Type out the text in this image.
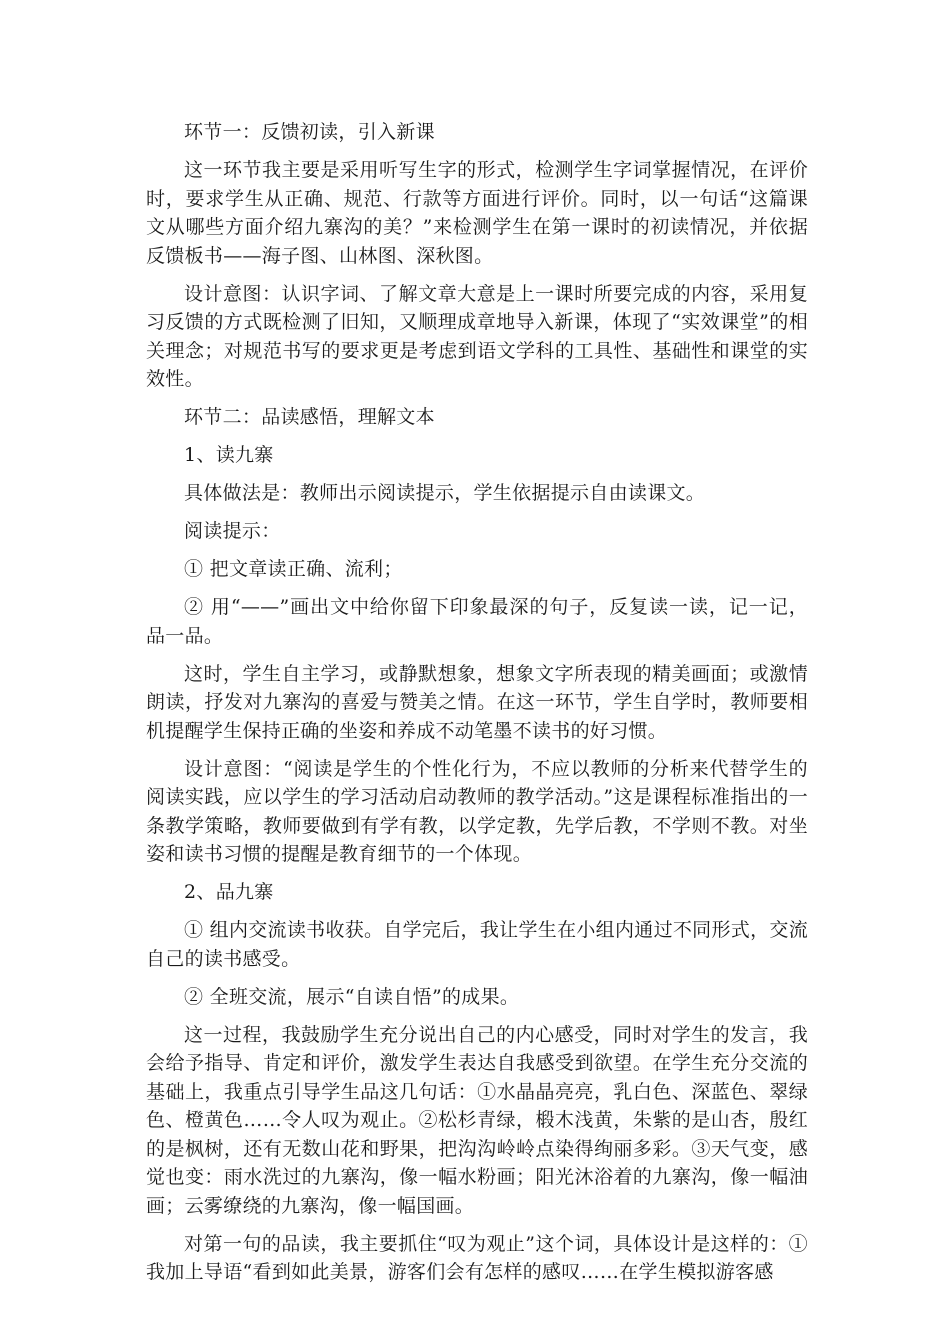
环节一：反馈初读，引入新课

这一环节我主要是采用听写生字的形式，检测学生字词掌握情况，在评价时，要求学生从正确、规范、行款等方面进行评价。同时，以一句话“这篇课文从哪些方面介绍九寨沟的美？”来检测学生在第一课时的初读情况，并依据反馈板书——海子图、山林图、深秋图。

设计意图：认识字词、了解文章大意是上一课时所要完成的内容，采用复习反馈的方式既检测了旧知，又顺理成章地导入新课，体现了“实效课堂”的相关理念；对规范书写的要求更是考虑到语文学科的工具性、基础性和课堂的实效性。

环节二：品读感悟，理解文本

1、读九寨

具体做法是：教师出示阅读提示，学生依据提示自由读课文。

阅读提示：

① 把文章读正确、流利；

② 用“——”画出文中给你留下印象最深的句子，反复读一读，记一记，品一品。

这时，学生自主学习，或静默想象，想象文字所表现的精美画面；或激情朗读，抒发对九寨沟的喜爱与赞美之情。在这一环节，学生自学时，教师要相机提醒学生保持正确的坐姿和养成不动笔墨不读书的好习惯。

设计意图：“阅读是学生的个性化行为，不应以教师的分析来代替学生的阅读实践，应以学生的学习活动启动教师的教学活动。”这是课程标准指出的一条教学策略，教师要做到有学有教，以学定教，先学后教，不学则不教。对坐姿和读书习惯的提醒是教育细节的一个体现。

2、品九寨

① 组内交流读书收获。自学完后，我让学生在小组内通过不同形式，交流自己的读书感受。

② 全班交流，展示“自读自悟”的成果。

这一过程，我鼓励学生充分说出自己的内心感受，同时对学生的发言，我会给予指导、肯定和评价，激发学生表达自我感受到欲望。在学生充分交流的基础上，我重点引导学生品这几句话：①水晶晶亮亮，乳白色、深蓝色、翠绿色、橙黄色……令人叹为观止。②松杉青绿，椴木浅黄，朱紫的是山杏，殷红的是枫树，还有无数山花和野果，把沟沟岭岭点染得绚丽多彩。③天气变，感觉也变：雨水洗过的九寨沟，像一幅水粉画；阳光沐浴着的九寨沟，像一幅油画；云雾缭绕的九寨沟，像一幅国画。

对第一句的品读，我主要抓住“叹为观止”这个词，具体设计是这样的：①我加上导语“看到如此美景，游客们会有怎样的感叹……在学生模拟游客感
